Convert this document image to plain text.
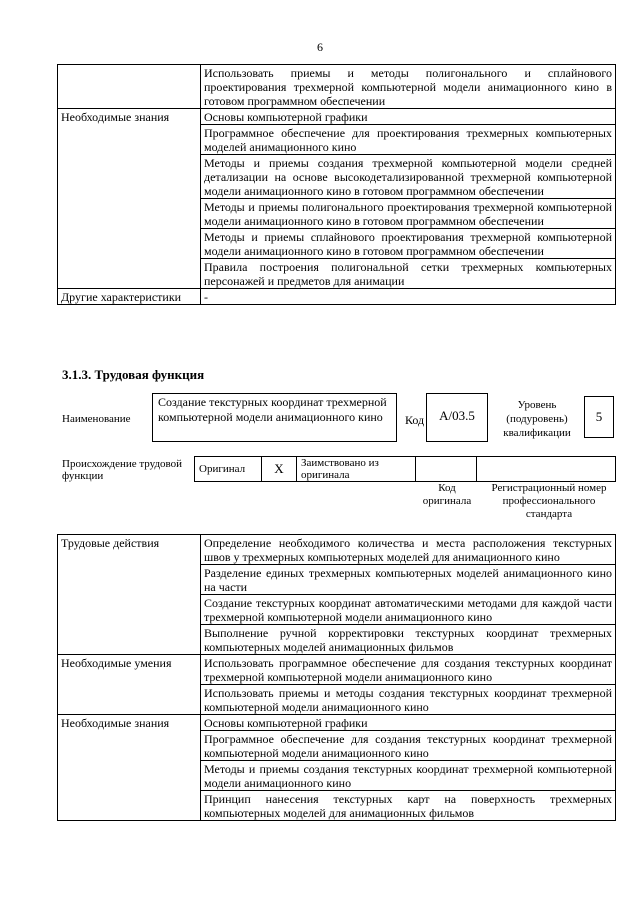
6
	Использовать приемы и методы полигонального и сплайнового проектирования трехмерной компьютерной модели анимационного кино в готовом программном обеспечении
Необходимые знания	Основы компьютерной графики
	Программное обеспечение для проектирования трехмерных компьютерных моделей анимационного кино
	Методы и приемы создания трехмерной компьютерной модели средней детализации на основе высокодетализированной трехмерной компьютерной модели анимационного кино в готовом программном обеспечении
	Методы и приемы полигонального проектирования трехмерной компьютерной модели анимационного кино в готовом программном обеспечении
	Методы и приемы сплайнового проектирования трехмерной компьютерной модели анимационного кино в готовом программном обеспечении
	Правила построения полигональной сетки трехмерных компьютерных персонажей и предметов для анимации
Другие характеристики	-
3.1.3. Трудовая функция
Наименование
Создание текстурных координат трехмерной компьютерной модели анимационного кино	Код	А/03.5
Уровень (подуровень) квалификации
5
Происхождение трудовой функции
Оригинал	X	Заимствовано из оригинала		
Код оригинала
Регистрационный номер профессионального стандарта
Трудовые действия	Определение необходимого количества и места расположения текстурных швов у трехмерных компьютерных моделей для анимационного кино
	Разделение единых трехмерных компьютерных моделей анимационного кино на части
	Создание текстурных координат автоматическими методами для каждой части трехмерной компьютерной модели анимационного кино
	Выполнение ручной корректировки текстурных координат трехмерных компьютерных моделей анимационных фильмов
Необходимые умения	Использовать программное обеспечение для создания текстурных координат трехмерной компьютерной модели анимационного кино
	Использовать приемы и методы создания текстурных координат трехмерной компьютерной модели анимационного кино
Необходимые знания	Основы компьютерной графики
	Программное обеспечение для создания текстурных координат трехмерной компьютерной модели анимационного кино
	Методы и приемы создания текстурных координат трехмерной компьютерной модели анимационного кино
	Принцип нанесения текстурных карт на поверхность трехмерных компьютерных моделей для анимационных фильмов
